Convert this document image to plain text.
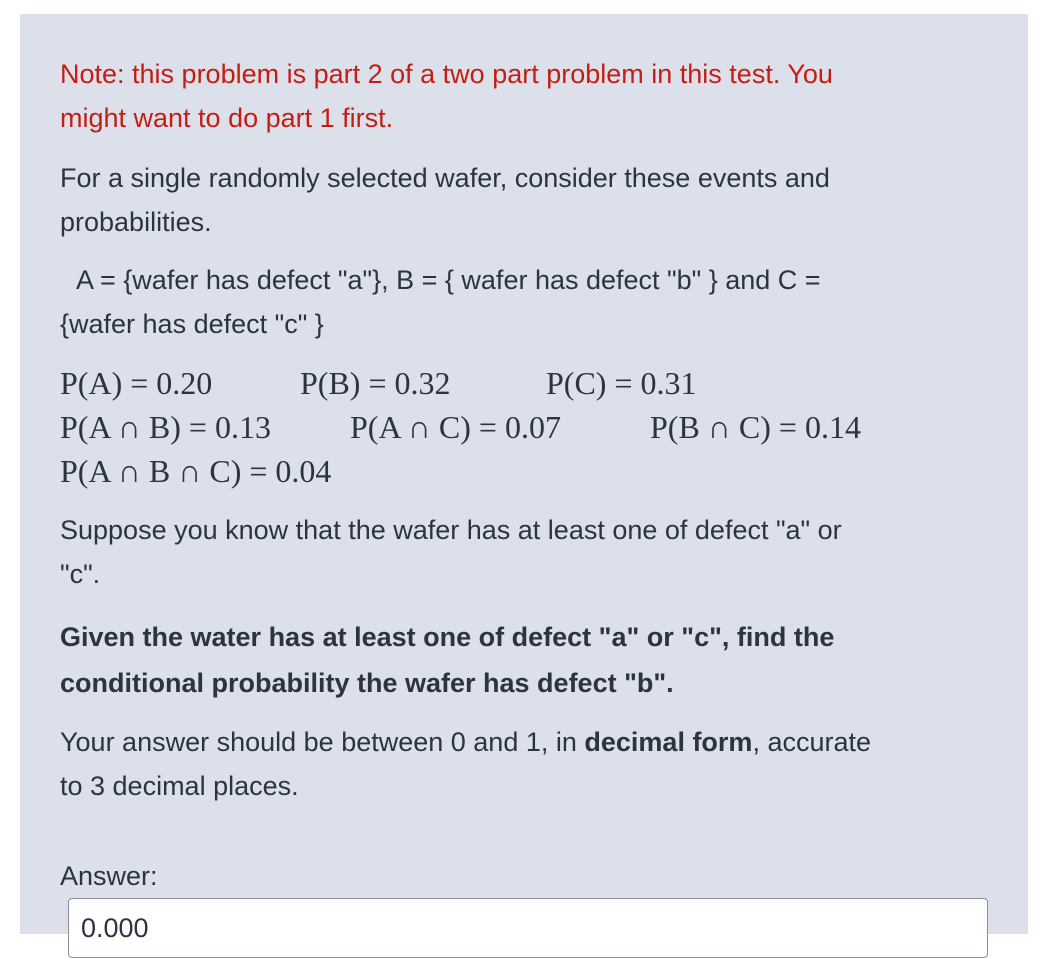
Note: this problem is part 2 of a two part problem in this test. You
might want to do part 1 first.
For a single randomly selected wafer, consider these events and
probabilities.
A = {wafer has defect "a"}, B = { wafer has defect "b" } and C =
{wafer has defect "c" }
P(A) = 0.20	P(B) = 0.32	P(C) = 0.31
P(A ∩ B) = 0.13 P(A ∩ C) = 0.07	P(B ∩ C) = 0.14
P(A ∩ B ∩ C) = 0.04
Suppose you know that the wafer has at least one of defect "a" or
"c".
Given the water has at least one of defect "a" or "c", find the
conditional probability the wafer has defect "b".
Your answer should be between 0 and 1, in decimal form, accurate
to 3 decimal places.
Answer:
0.000
